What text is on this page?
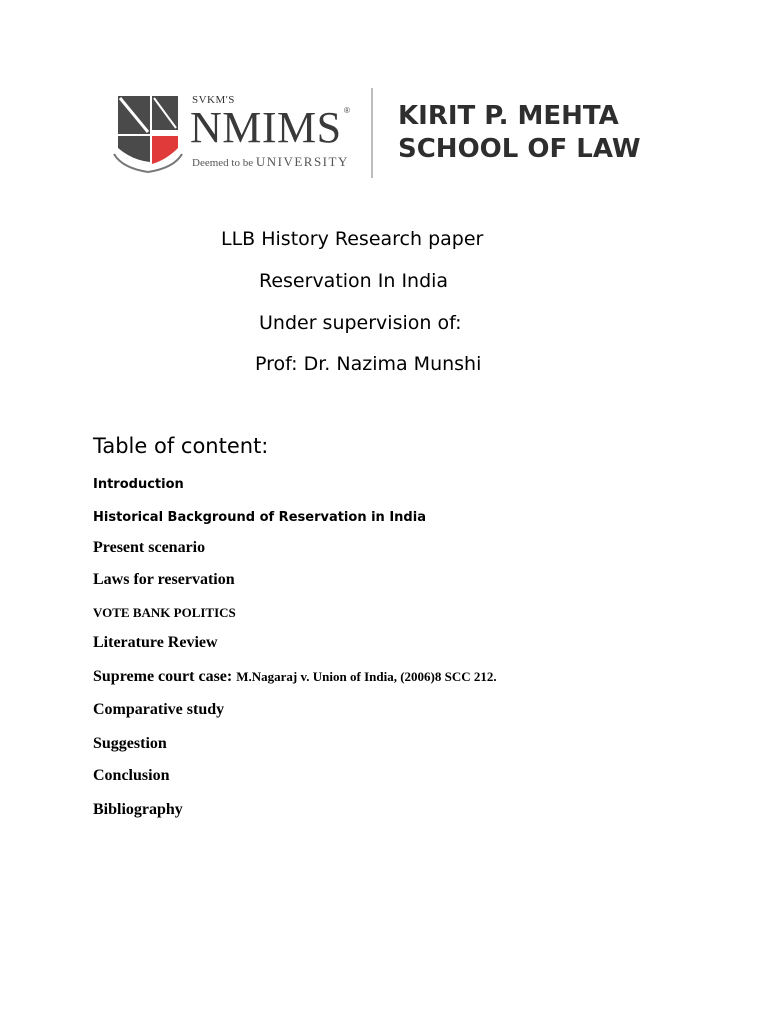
SVKM'S
NMIMS ®
Deemed to be UNIVERSITY
KIRIT P. MEHTA
SCHOOL OF LAW
LLB History Research paper
Reservation In India
Under supervision of:
Prof: Dr. Nazima Munshi
Table of content:
Introduction
Historical Background of Reservation in India
Present scenario
Laws for reservation
VOTE BANK POLITICS
Literature Review
Supreme court case: M.Nagaraj v. Union of India, (2006)8 SCC 212.
Comparative study
Suggestion
Conclusion
Bibliography
